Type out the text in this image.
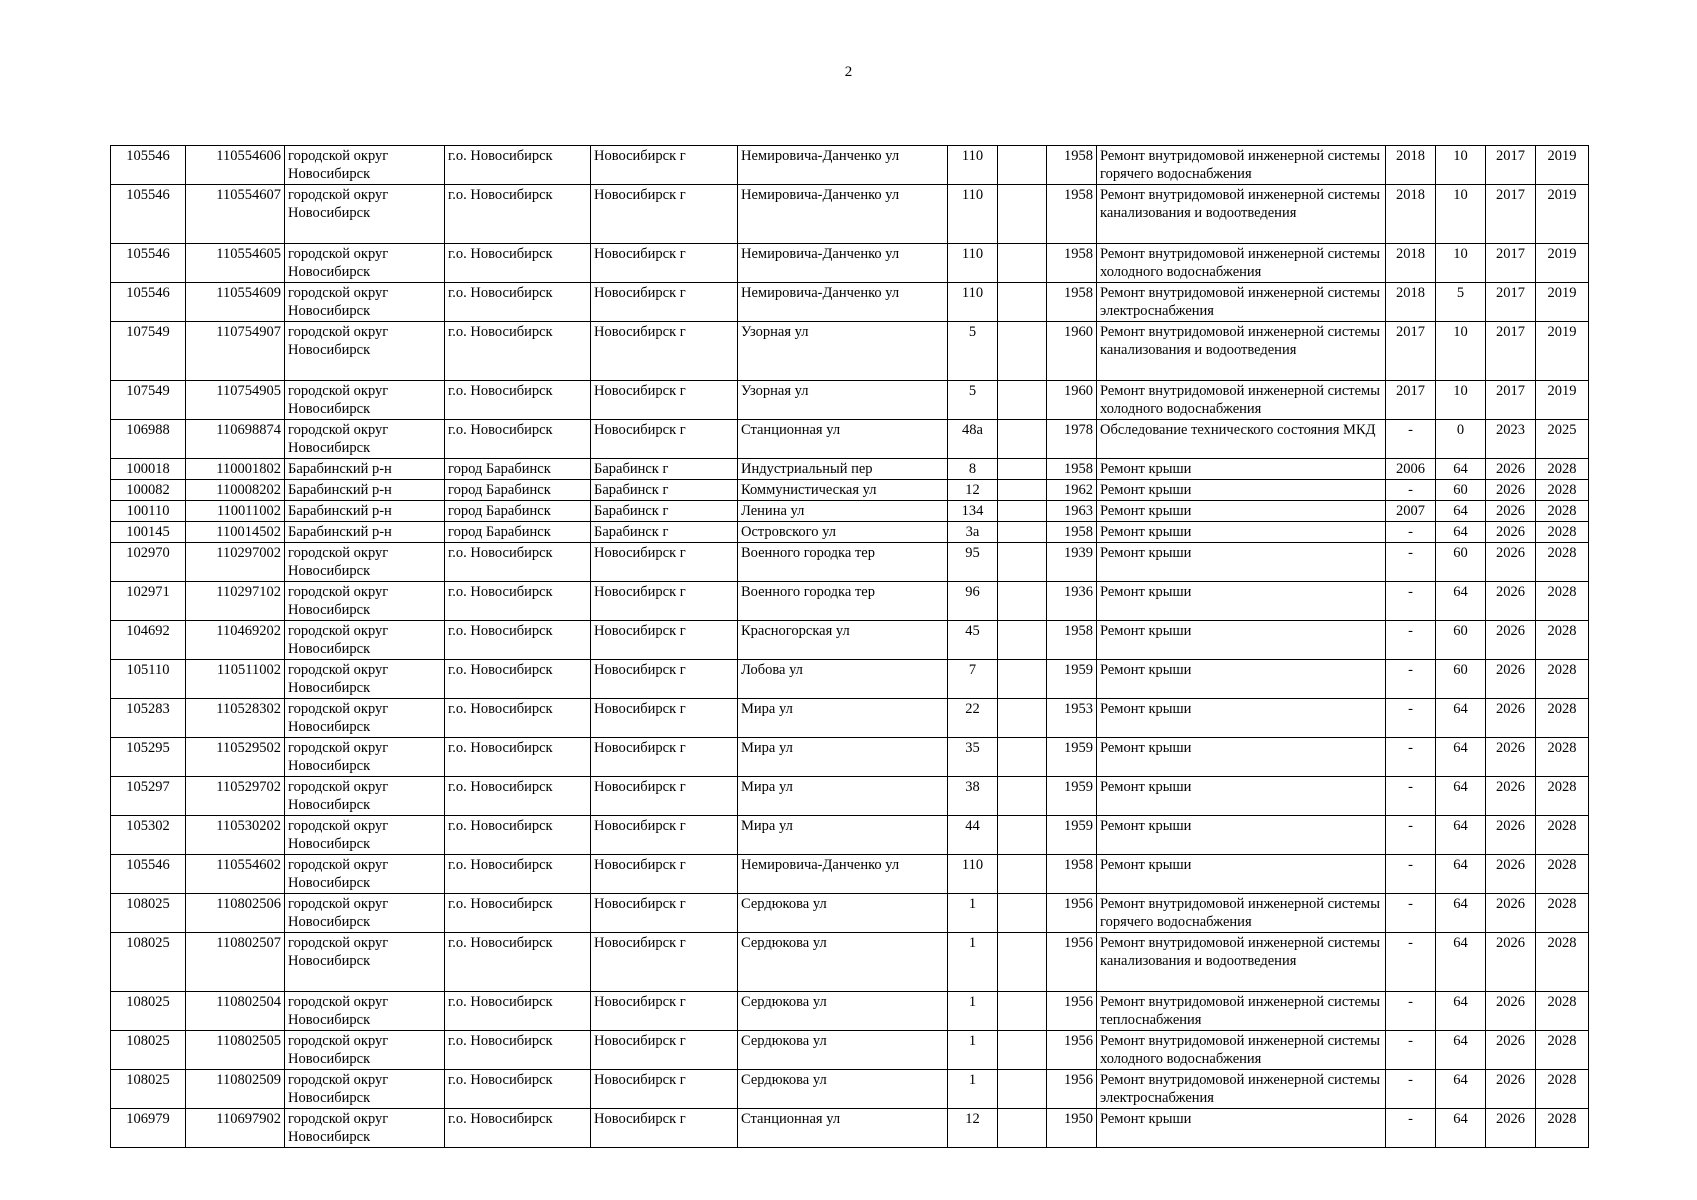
2
105546	110554606	городской округ Новосибирск	г.о. Новосибирск	Новосибирск г	Немировича-Данченко ул	110		1958	Ремонт внутридомовой инженерной системы горячего водоснабжения	2018	10	2017	2019
105546	110554607	городской округ Новосибирск	г.о. Новосибирск	Новосибирск г	Немировича-Данченко ул	110		1958	Ремонт внутридомовой инженерной системы канализования и водоотведения	2018	10	2017	2019
105546	110554605	городской округ Новосибирск	г.о. Новосибирск	Новосибирск г	Немировича-Данченко ул	110		1958	Ремонт внутридомовой инженерной системы холодного водоснабжения	2018	10	2017	2019
105546	110554609	городской округ Новосибирск	г.о. Новосибирск	Новосибирск г	Немировича-Данченко ул	110		1958	Ремонт внутридомовой инженерной системы электроснабжения	2018	5	2017	2019
107549	110754907	городской округ Новосибирск	г.о. Новосибирск	Новосибирск г	Узорная ул	5		1960	Ремонт внутридомовой инженерной системы канализования и водоотведения	2017	10	2017	2019
107549	110754905	городской округ Новосибирск	г.о. Новосибирск	Новосибирск г	Узорная ул	5		1960	Ремонт внутридомовой инженерной системы холодного водоснабжения	2017	10	2017	2019
106988	110698874	городской округ Новосибирск	г.о. Новосибирск	Новосибирск г	Станционная ул	48а		1978	Обследование технического состояния МКД	-	0	2023	2025
100018	110001802	Барабинский р-н	город Барабинск	Барабинск г	Индустриальный пер	8		1958	Ремонт крыши	2006	64	2026	2028
100082	110008202	Барабинский р-н	город Барабинск	Барабинск г	Коммунистическая ул	12		1962	Ремонт крыши	-	60	2026	2028
100110	110011002	Барабинский р-н	город Барабинск	Барабинск г	Ленина ул	134		1963	Ремонт крыши	2007	64	2026	2028
100145	110014502	Барабинский р-н	город Барабинск	Барабинск г	Островского ул	3а		1958	Ремонт крыши	-	64	2026	2028
102970	110297002	городской округ Новосибирск	г.о. Новосибирск	Новосибирск г	Военного городка тер	95		1939	Ремонт крыши	-	60	2026	2028
102971	110297102	городской округ Новосибирск	г.о. Новосибирск	Новосибирск г	Военного городка тер	96		1936	Ремонт крыши	-	64	2026	2028
104692	110469202	городской округ Новосибирск	г.о. Новосибирск	Новосибирск г	Красногорская ул	45		1958	Ремонт крыши	-	60	2026	2028
105110	110511002	городской округ Новосибирск	г.о. Новосибирск	Новосибирск г	Лобова ул	7		1959	Ремонт крыши	-	60	2026	2028
105283	110528302	городской округ Новосибирск	г.о. Новосибирск	Новосибирск г	Мира ул	22		1953	Ремонт крыши	-	64	2026	2028
105295	110529502	городской округ Новосибирск	г.о. Новосибирск	Новосибирск г	Мира ул	35		1959	Ремонт крыши	-	64	2026	2028
105297	110529702	городской округ Новосибирск	г.о. Новосибирск	Новосибирск г	Мира ул	38		1959	Ремонт крыши	-	64	2026	2028
105302	110530202	городской округ Новосибирск	г.о. Новосибирск	Новосибирск г	Мира ул	44		1959	Ремонт крыши	-	64	2026	2028
105546	110554602	городской округ Новосибирск	г.о. Новосибирск	Новосибирск г	Немировича-Данченко ул	110		1958	Ремонт крыши	-	64	2026	2028
108025	110802506	городской округ Новосибирск	г.о. Новосибирск	Новосибирск г	Сердюкова ул	1		1956	Ремонт внутридомовой инженерной системы горячего водоснабжения	-	64	2026	2028
108025	110802507	городской округ Новосибирск	г.о. Новосибирск	Новосибирск г	Сердюкова ул	1		1956	Ремонт внутридомовой инженерной системы канализования и водоотведения	-	64	2026	2028
108025	110802504	городской округ Новосибирск	г.о. Новосибирск	Новосибирск г	Сердюкова ул	1		1956	Ремонт внутридомовой инженерной системы теплоснабжения	-	64	2026	2028
108025	110802505	городской округ Новосибирск	г.о. Новосибирск	Новосибирск г	Сердюкова ул	1		1956	Ремонт внутридомовой инженерной системы холодного водоснабжения	-	64	2026	2028
108025	110802509	городской округ Новосибирск	г.о. Новосибирск	Новосибирск г	Сердюкова ул	1		1956	Ремонт внутридомовой инженерной системы электроснабжения	-	64	2026	2028
106979	110697902	городской округ Новосибирск	г.о. Новосибирск	Новосибирск г	Станционная ул	12		1950	Ремонт крыши	-	64	2026	2028
